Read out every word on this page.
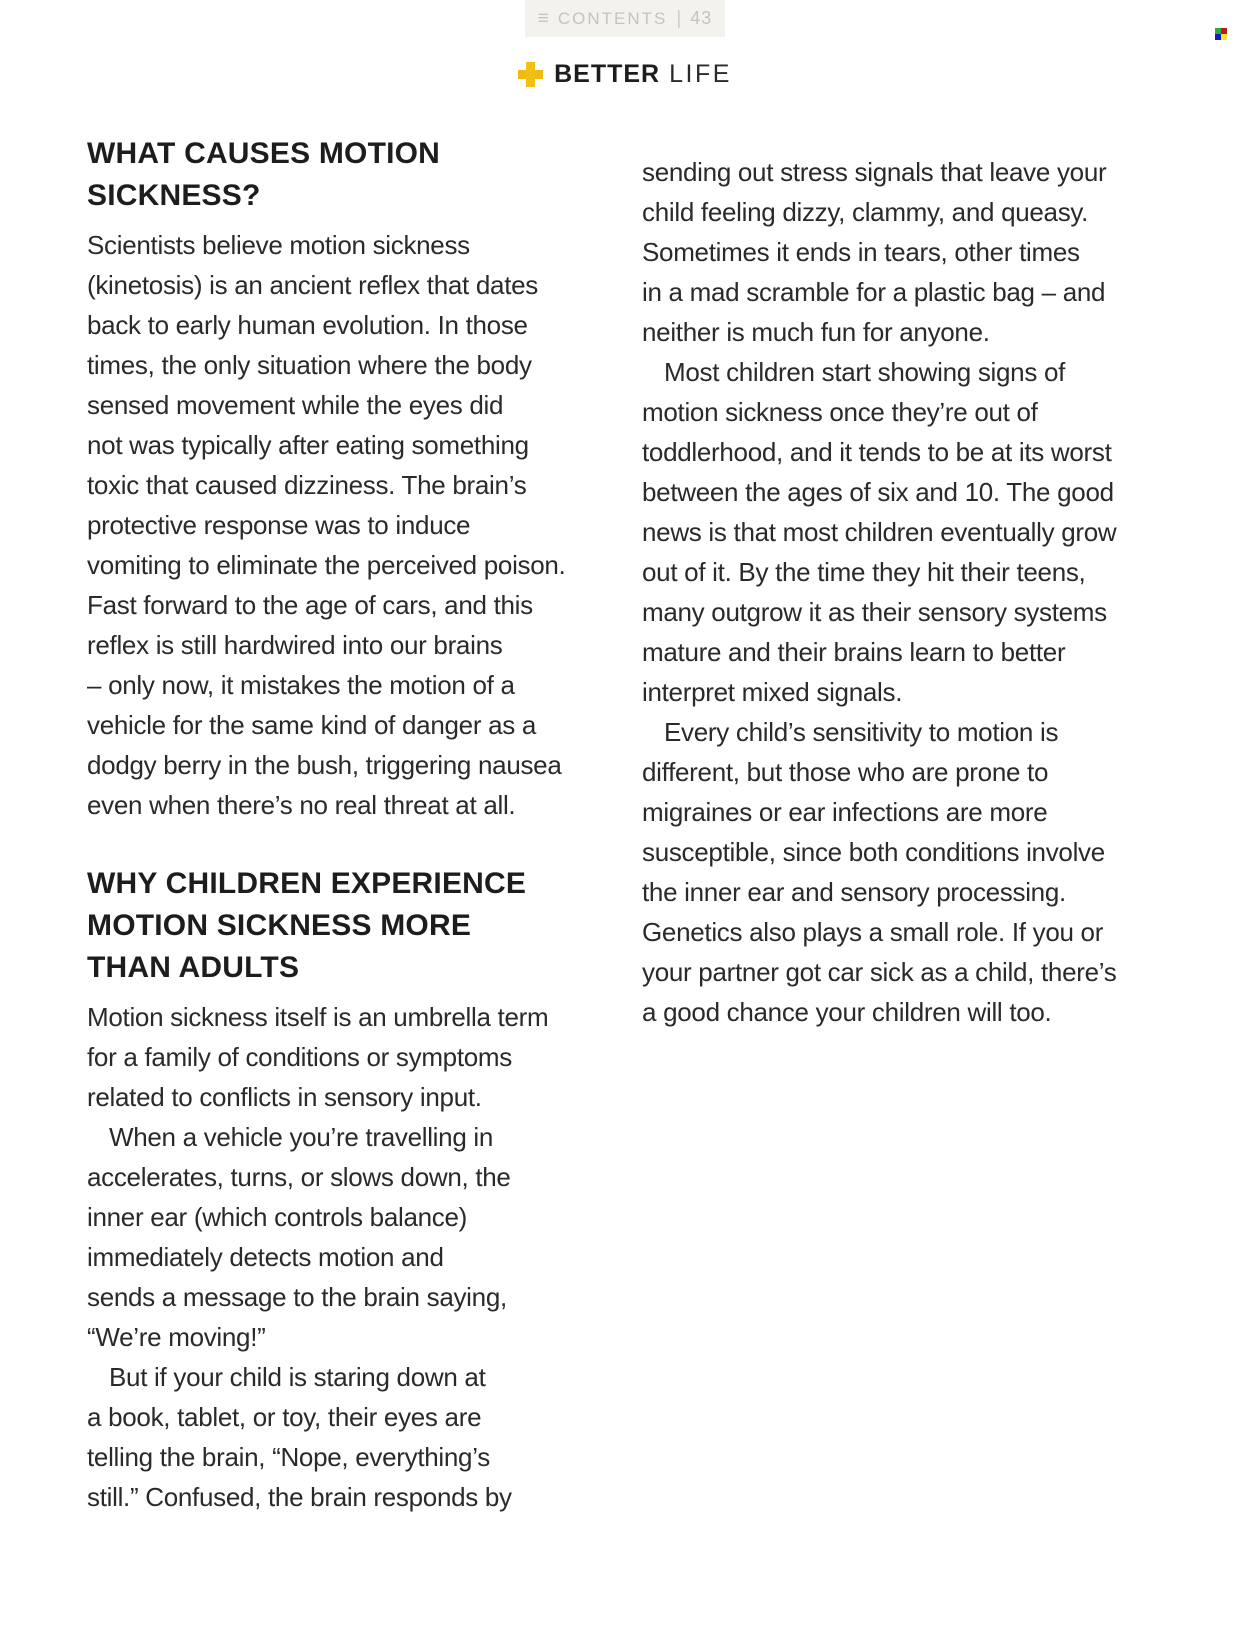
≡ CONTENTS | 43
BETTER LIFE
WHAT CAUSES MOTION
SICKNESS?
Scientists believe motion sickness
(kinetosis) is an ancient reflex that dates
back to early human evolution. In those
times, the only situation where the body
sensed movement while the eyes did
not was typically after eating something
toxic that caused dizziness. The brain’s
protective response was to induce
vomiting to eliminate the perceived poison.
Fast forward to the age of cars, and this
reflex is still hardwired into our brains
– only now, it mistakes the motion of a
vehicle for the same kind of danger as a
dodgy berry in the bush, triggering nausea
even when there’s no real threat at all.
WHY CHILDREN EXPERIENCE
MOTION SICKNESS MORE
THAN ADULTS
Motion sickness itself is an umbrella term
for a family of conditions or symptoms
related to conflicts in sensory input.
When a vehicle you’re travelling in
accelerates, turns, or slows down, the
inner ear (which controls balance)
immediately detects motion and
sends a message to the brain saying,
“We’re moving!”
But if your child is staring down at
a book, tablet, or toy, their eyes are
telling the brain, “Nope, everything’s
still.” Confused, the brain responds by
sending out stress signals that leave your
child feeling dizzy, clammy, and queasy.
Sometimes it ends in tears, other times
in a mad scramble for a plastic bag – and
neither is much fun for anyone.
Most children start showing signs of
motion sickness once they’re out of
toddlerhood, and it tends to be at its worst
between the ages of six and 10. The good
news is that most children eventually grow
out of it. By the time they hit their teens,
many outgrow it as their sensory systems
mature and their brains learn to better
interpret mixed signals.
Every child’s sensitivity to motion is
different, but those who are prone to
migraines or ear infections are more
susceptible, since both conditions involve
the inner ear and sensory processing.
Genetics also plays a small role. If you or
your partner got car sick as a child, there’s
a good chance your children will too.
